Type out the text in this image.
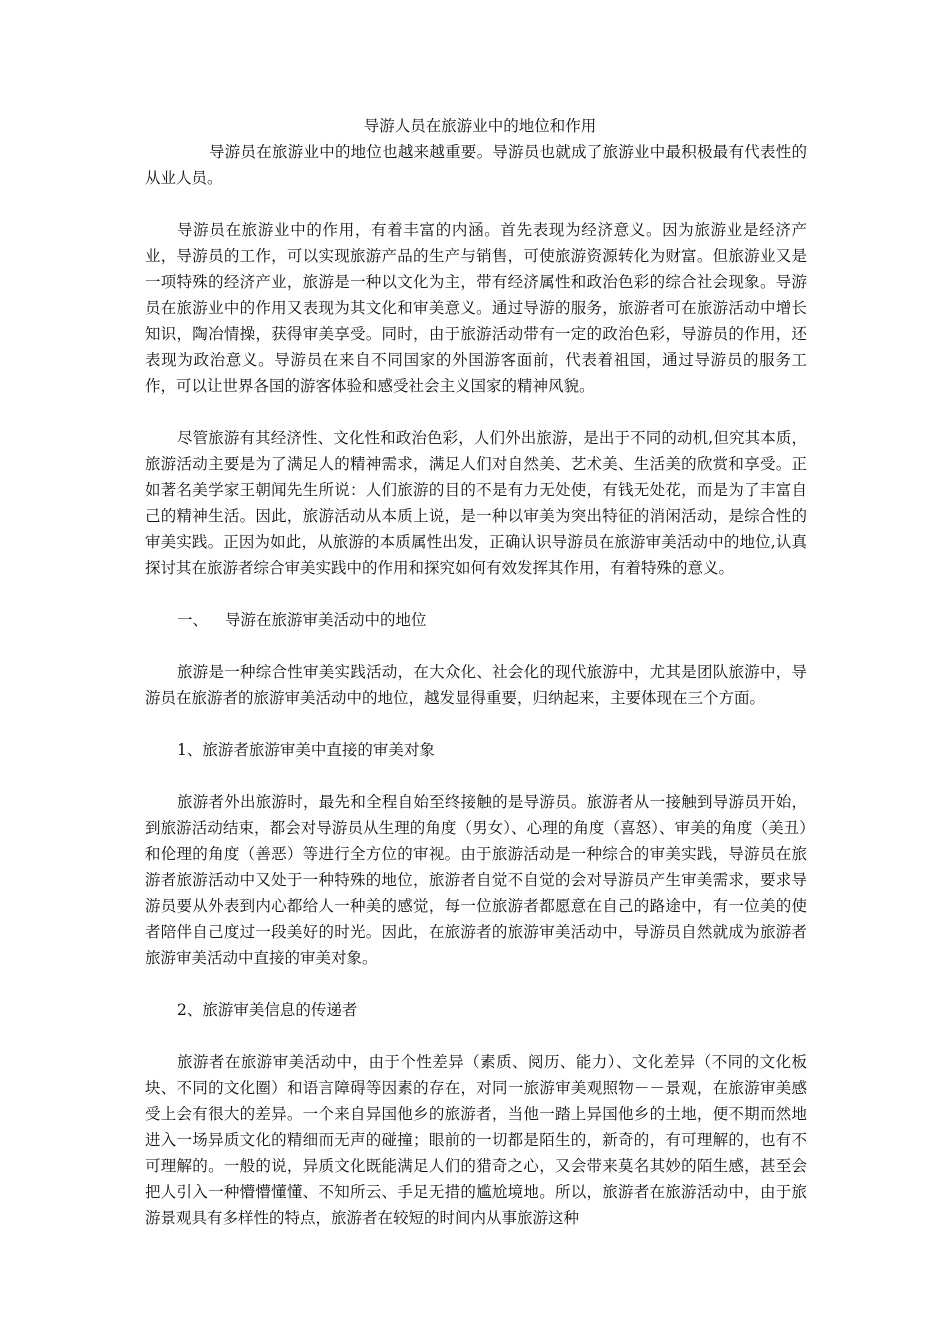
导游人员在旅游业中的地位和作用

导游员在旅游业中的地位也越来越重要。导游员也就成了旅游业中最积极最有代表性的从业人员。

导游员在旅游业中的作用，有着丰富的内涵。首先表现为经济意义。因为旅游业是经济产业，导游员的工作，可以实现旅游产品的生产与销售，可使旅游资源转化为财富。但旅游业又是一项特殊的经济产业，旅游是一种以文化为主，带有经济属性和政治色彩的综合社会现象。导游员在旅游业中的作用又表现为其文化和审美意义。通过导游的服务，旅游者可在旅游活动中增长知识，陶冶情操，获得审美享受。同时，由于旅游活动带有一定的政治色彩，导游员的作用，还表现为政治意义。导游员在来自不同国家的外国游客面前，代表着祖国，通过导游员的服务工作，可以让世界各国的游客体验和感受社会主义国家的精神风貌。

尽管旅游有其经济性、文化性和政治色彩，人们外出旅游，是出于不同的动机,但究其本质，旅游活动主要是为了满足人的精神需求，满足人们对自然美、艺术美、生活美的欣赏和享受。正如著名美学家王朝闻先生所说：人们旅游的目的不是有力无处使，有钱无处花，而是为了丰富自己的精神生活。因此，旅游活动从本质上说，是一种以审美为突出特征的消闲活动，是综合性的审美实践。正因为如此，从旅游的本质属性出发，正确认识导游员在旅游审美活动中的地位,认真探讨其在旅游者综合审美实践中的作用和探究如何有效发挥其作用，有着特殊的意义。

一、 导游在旅游审美活动中的地位

旅游是一种综合性审美实践活动，在大众化、社会化的现代旅游中，尤其是团队旅游中，导游员在旅游者的旅游审美活动中的地位，越发显得重要，归纳起来，主要体现在三个方面。

1、旅游者旅游审美中直接的审美对象

旅游者外出旅游时，最先和全程自始至终接触的是导游员。旅游者从一接触到导游员开始，到旅游活动结束，都会对导游员从生理的角度（男女）、心理的角度（喜怒）、审美的角度（美丑）和伦理的角度（善恶）等进行全方位的审视。由于旅游活动是一种综合的审美实践，导游员在旅游者旅游活动中又处于一种特殊的地位，旅游者自觉不自觉的会对导游员产生审美需求，要求导游员要从外表到内心都给人一种美的感觉，每一位旅游者都愿意在自己的路途中，有一位美的使者陪伴自己度过一段美好的时光。因此，在旅游者的旅游审美活动中，导游员自然就成为旅游者旅游审美活动中直接的审美对象。

2、旅游审美信息的传递者

旅游者在旅游审美活动中，由于个性差异（素质、阅历、能力）、文化差异（不同的文化板块、不同的文化圈）和语言障碍等因素的存在，对同一旅游审美观照物－－景观，在旅游审美感受上会有很大的差异。一个来自异国他乡的旅游者，当他一踏上异国他乡的土地，便不期而然地进入一场异质文化的精细而无声的碰撞；眼前的一切都是陌生的，新奇的，有可理解的，也有不可理解的。一般的说，异质文化既能满足人们的猎奇之心，又会带来莫名其妙的陌生感，甚至会把人引入一种懵懵懂懂、不知所云、手足无措的尴尬境地。所以，旅游者在旅游活动中，由于旅游景观具有多样性的特点，旅游者在较短的时间内从事旅游这种
